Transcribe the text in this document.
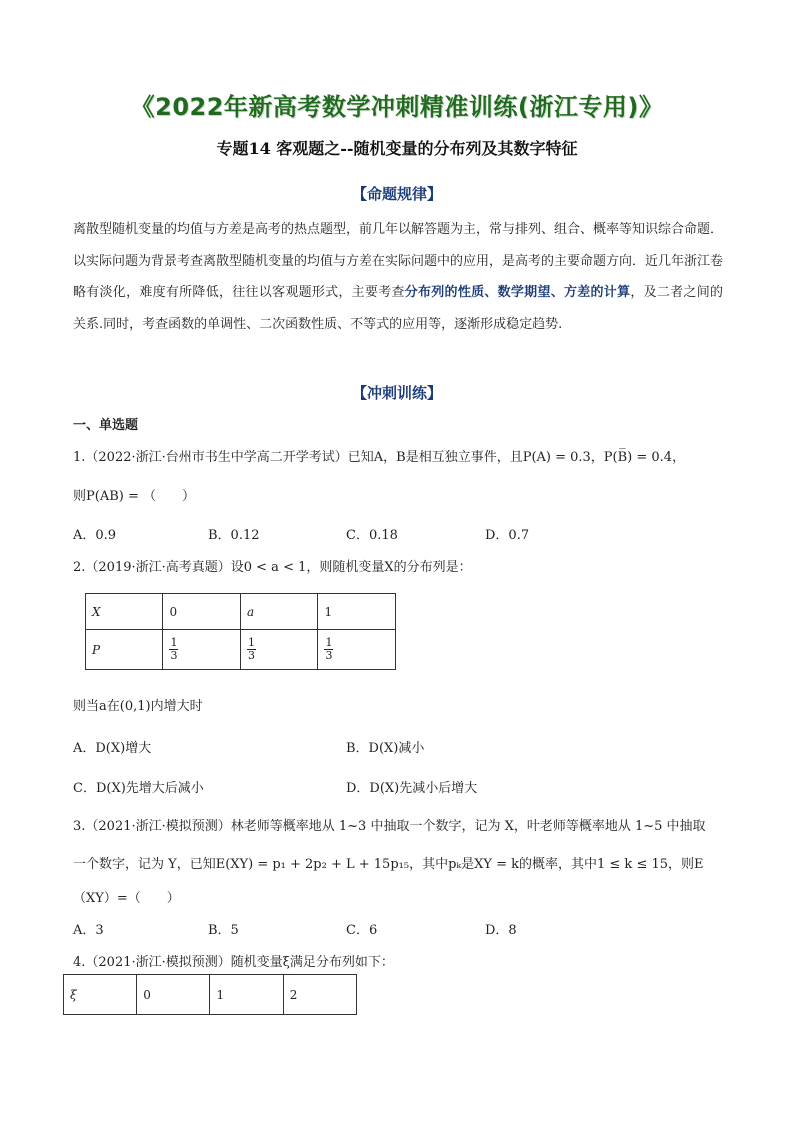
《2022年新高考数学冲刺精准训练(浙江专用)》
专题14 客观题之--随机变量的分布列及其数字特征
【命题规律】
离散型随机变量的均值与方差是高考的热点题型，前几年以解答题为主，常与排列、组合、概率等知识综合命题．以实际问题为背景考查离散型随机变量的均值与方差在实际问题中的应用，是高考的主要命题方向．近几年浙江卷略有淡化，难度有所降低，往往以客观题形式，主要考查分布列的性质、数学期望、方差的计算，及二者之间的关系.同时，考查函数的单调性、二次函数性质、不等式的应用等，逐渐形成稳定趋势.
【冲刺训练】
一、单选题
1.（2022·浙江·台州市书生中学高二开学考试）已知A，B是相互独立事件，且P(A) = 0.3，P(B̅) = 0.4，
则P(AB) = （　　）
A．0.9	B．0.12	C．0.18	D．0.7
2.（2019·浙江·高考真题）设0 < a < 1，则随机变量X的分布列是：
X	0	a	1
P	$\frac{1}{3}$	$\frac{1}{3}$	$\frac{1}{3}$
则当a在(0,1)内增大时
A．D(X)增大	B．D(X)减小
C．D(X)先增大后减小	D．D(X)先减小后增大
3.（2021·浙江·模拟预测）林老师等概率地从 1~3 中抽取一个数字，记为 X，叶老师等概率地从 1~5 中抽取
一个数字，记为 Y，已知E(XY) = p₁ + 2p₂ + L + 15p₁₅，其中pₖ是XY = k的概率，其中1 ≤ k ≤ 15，则E
（XY）=（　　）
A．3	B．5	C．6	D．8
4.（2021·浙江·模拟预测）随机变量ξ满足分布列如下：
ξ	0	1	2
